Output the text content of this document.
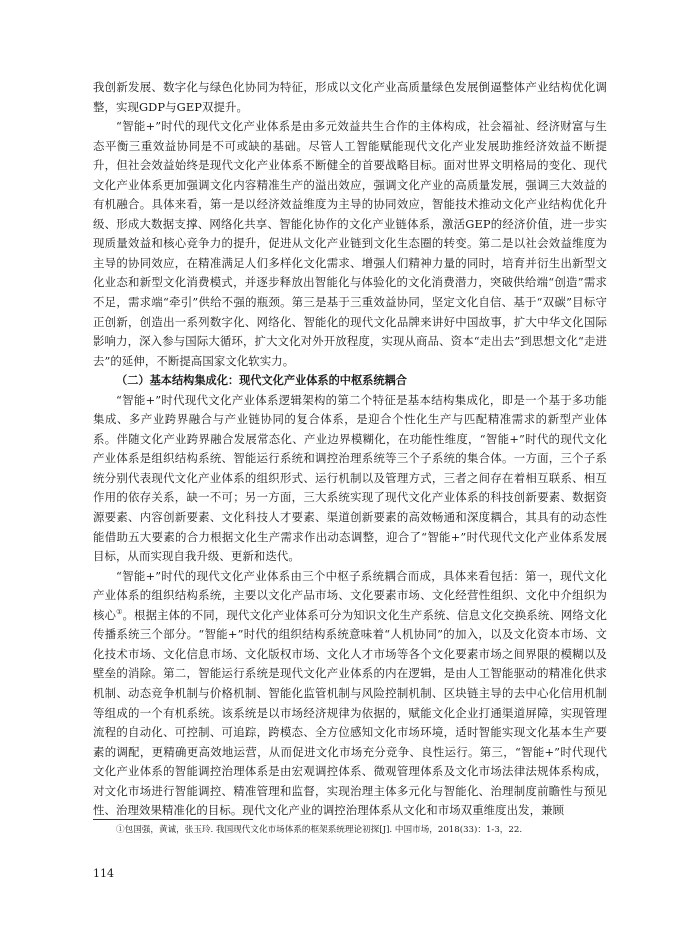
我创新发展、数字化与绿色化协同为特征，形成以文化产业高质量绿色发展倒逼整体产业结构优化调整，实现GDP与GEP双提升。

“智能+”时代的现代文化产业体系是由多元效益共生合作的主体构成，社会福祉、经济财富与生态平衡三重效益协同是不可或缺的基础。尽管人工智能赋能现代文化产业发展助推经济效益不断提升，但社会效益始终是现代文化产业体系不断健全的首要战略目标。面对世界文明格局的变化、现代文化产业体系更加强调文化内容精准生产的溢出效应，强调文化产业的高质量发展，强调三大效益的有机融合。具体来看，第一是以经济效益维度为主导的协同效应，智能技术推动文化产业结构优化升级、形成大数据支撑、网络化共享、智能化协作的文化产业链体系，激活GEP的经济价值，进一步实现质量效益和核心竞争力的提升，促进从文化产业链到文化生态圈的转变。第二是以社会效益维度为主导的协同效应，在精准满足人们多样化文化需求、增强人们精神力量的同时，培育并衍生出新型文化业态和新型文化消费模式，并逐步释放出智能化与体验化的文化消费潜力，突破供给端“创造”需求不足，需求端“牵引”供给不强的瓶颈。第三是基于三重效益协同，坚定文化自信、基于“双碳”目标守正创新，创造出一系列数字化、网络化、智能化的现代文化品牌来讲好中国故事，扩大中华文化国际影响力，深入参与国际大循环，扩大文化对外开放程度，实现从商品、资本“走出去”到思想文化“走进去”的延伸，不断提高国家文化软实力。

（二）基本结构集成化：现代文化产业体系的中枢系统耦合

“智能+”时代现代文化产业体系逻辑架构的第二个特征是基本结构集成化，即是一个基于多功能集成、多产业跨界融合与产业链协同的复合体系，是迎合个性化生产与匹配精准需求的新型产业体系。伴随文化产业跨界融合发展常态化、产业边界模糊化，在功能性维度，“智能+”时代的现代文化产业体系是组织结构系统、智能运行系统和调控治理系统等三个子系统的集合体。一方面，三个子系统分别代表现代文化产业体系的组织形式、运行机制以及管理方式，三者之间存在着相互联系、相互作用的依存关系，缺一不可；另一方面，三大系统实现了现代文化产业体系的科技创新要素、数据资源要素、内容创新要素、文化科技人才要素、渠道创新要素的高效畅通和深度耦合，其具有的动态性能借助五大要素的合力根据文化生产需求作出动态调整，迎合了“智能+”时代现代文化产业体系发展目标，从而实现自我升级、更新和迭代。

“智能+”时代的现代文化产业体系由三个中枢子系统耦合而成，具体来看包括：第一，现代文化产业体系的组织结构系统，主要以文化产品市场、文化要素市场、文化经营性组织、文化中介组织为核心①。根据主体的不同，现代文化产业体系可分为知识文化生产系统、信息文化交换系统、网络文化传播系统三个部分。“智能+”时代的组织结构系统意味着“人机协同”的加入，以及文化资本市场、文化技术市场、文化信息市场、文化版权市场、文化人才市场等各个文化要素市场之间界限的模糊以及壁垒的消除。第二，智能运行系统是现代文化产业体系的内在逻辑，是由人工智能驱动的精准化供求机制、动态竞争机制与价格机制、智能化监管机制与风险控制机制、区块链主导的去中心化信用机制等组成的一个有机系统。该系统是以市场经济规律为依据的，赋能文化企业打通渠道屏障，实现管理流程的自动化、可控制、可追踪，跨模态、全方位感知文化市场环境，适时智能实现文化基本生产要素的调配，更精确更高效地运营，从而促进文化市场充分竞争、良性运行。第三，“智能+”时代现代文化产业体系的智能调控治理体系是由宏观调控体系、微观管理体系及文化市场法律法规体系构成，对文化市场进行智能调控、精准管理和监督，实现治理主体多元化与智能化、治理制度前瞻性与预见性、治理效果精准化的目标。现代文化产业的调控治理体系从文化和市场双重维度出发，兼顾

①包国强，黄诚，张玉玲. 我国现代文化市场体系的框架系统理论初探[J]. 中国市场，2018(33)：1-3，22.

114
